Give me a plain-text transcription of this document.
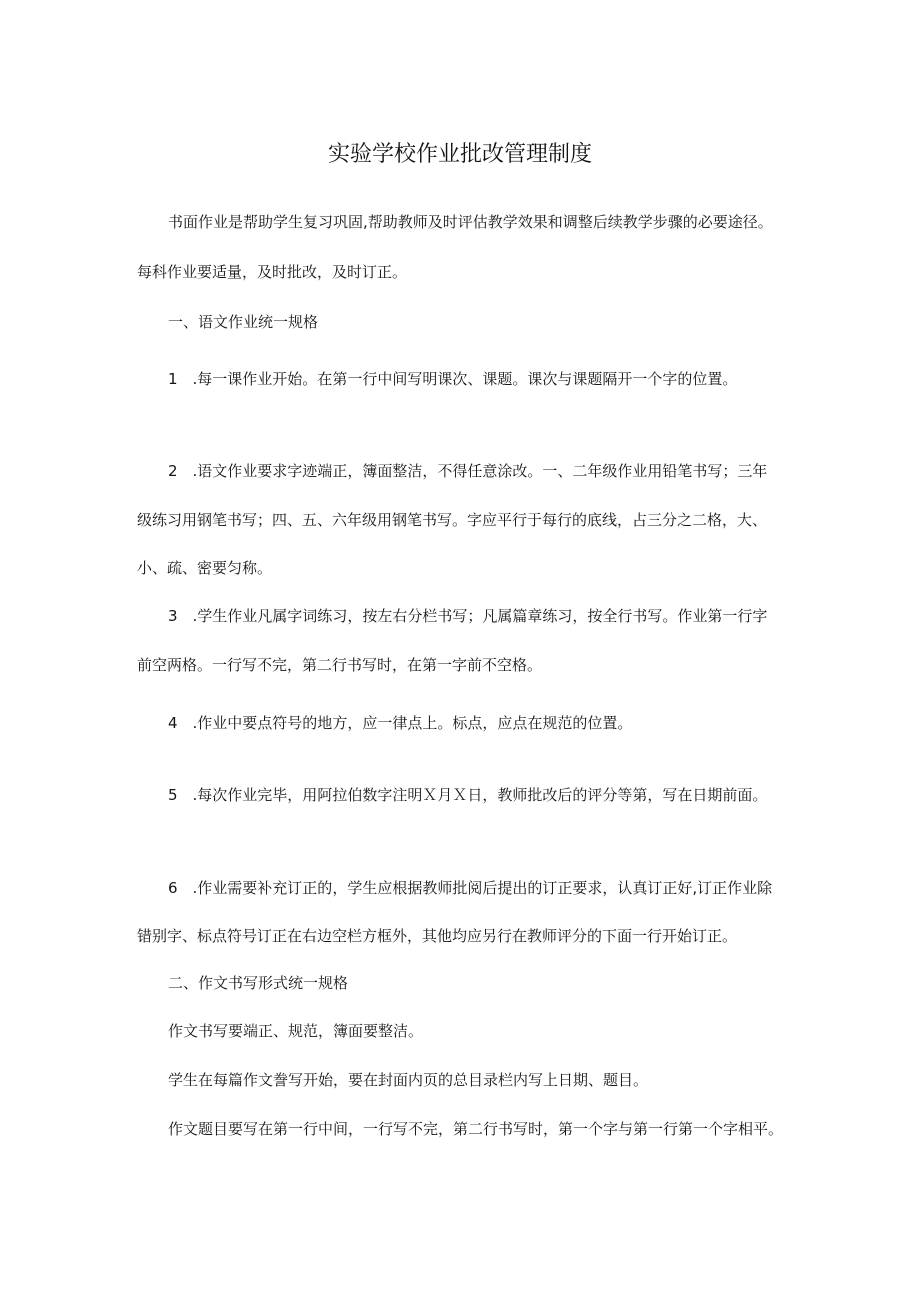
实验学校作业批改管理制度
书面作业是帮助学生复习巩固,帮助教师及时评估教学效果和调整后续教学步骤的必要途径。
每科作业要适量，及时批改，及时订正。
一、语文作业统一规格
1　.每一课作业开始。在第一行中间写明课次、课题。课次与课题隔开一个字的位置。
2　.语文作业要求字迹端正，簿面整洁，不得任意涂改。一、二年级作业用铅笔书写；三年
级练习用钢笔书写；四、五、六年级用钢笔书写。字应平行于每行的底线，占三分之二格，大、
小、疏、密要匀称。
3　.学生作业凡属字词练习，按左右分栏书写；凡属篇章练习，按全行书写。作业第一行字
前空两格。一行写不完，第二行书写时，在第一字前不空格。
4　.作业中要点符号的地方，应一律点上。标点，应点在规范的位置。
5　.每次作业完毕，用阿拉伯数字注明Ｘ月Ｘ日，教师批改后的评分等第，写在日期前面。
6　.作业需要补充订正的，学生应根据教师批阅后提出的订正要求，认真订正好,订正作业除
错别字、标点符号订正在右边空栏方框外，其他均应另行在教师评分的下面一行开始订正。
二、作文书写形式统一规格
作文书写要端正、规范，簿面要整洁。
学生在每篇作文誊写开始，要在封面内页的总目录栏内写上日期、题目。
作文题目要写在第一行中间，一行写不完，第二行书写时，第一个字与第一行第一个字相平。
